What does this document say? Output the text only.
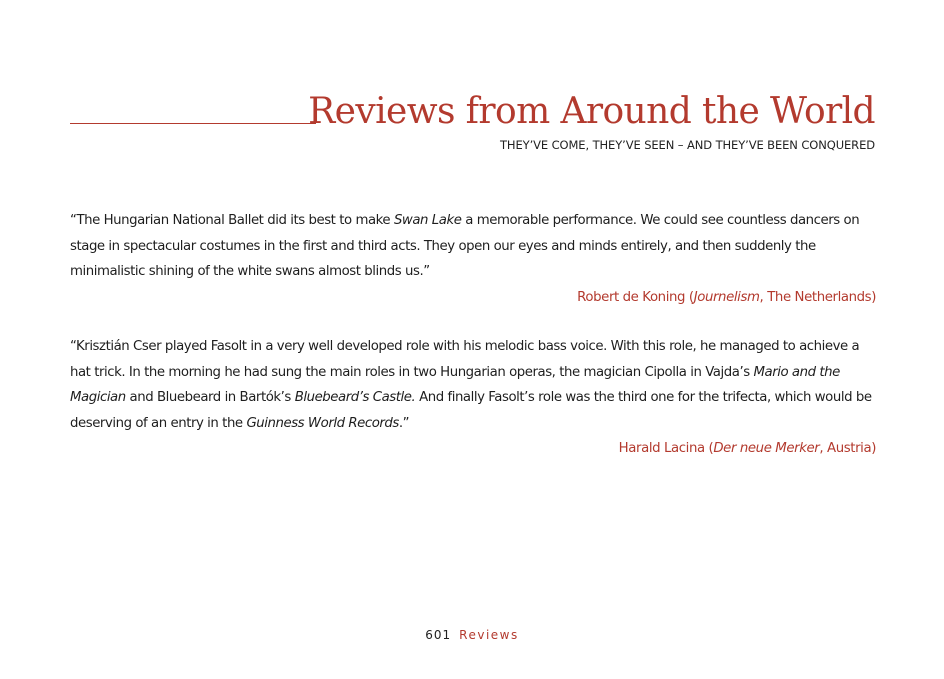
Reviews from Around the World
THEY’VE COME, THEY’VE SEEN – AND THEY’VE BEEN CONQUERED

“The Hungarian National Ballet did its best to make Swan Lake a memorable performance. We could see countless dancers on stage in spectacular costumes in the first and third acts. They open our eyes and minds entirely, and then suddenly the minimalistic shining of the white swans almost blinds us.”

Robert de Koning (Journelism, The Netherlands)

“Krisztián Cser played Fasolt in a very well developed role with his melodic bass voice. With this role, he managed to achieve a hat trick. In the morning he had sung the main roles in two Hungarian operas, the magician Cipolla in Vajda’s Mario and the Magician and Bluebeard in Bartók’s Bluebeard’s Castle. And finally Fasolt’s role was the third one for the trifecta, which would be deserving of an entry in the Guinness World Records.”

Harald Lacina (Der neue Merker, Austria)

601 Reviews
